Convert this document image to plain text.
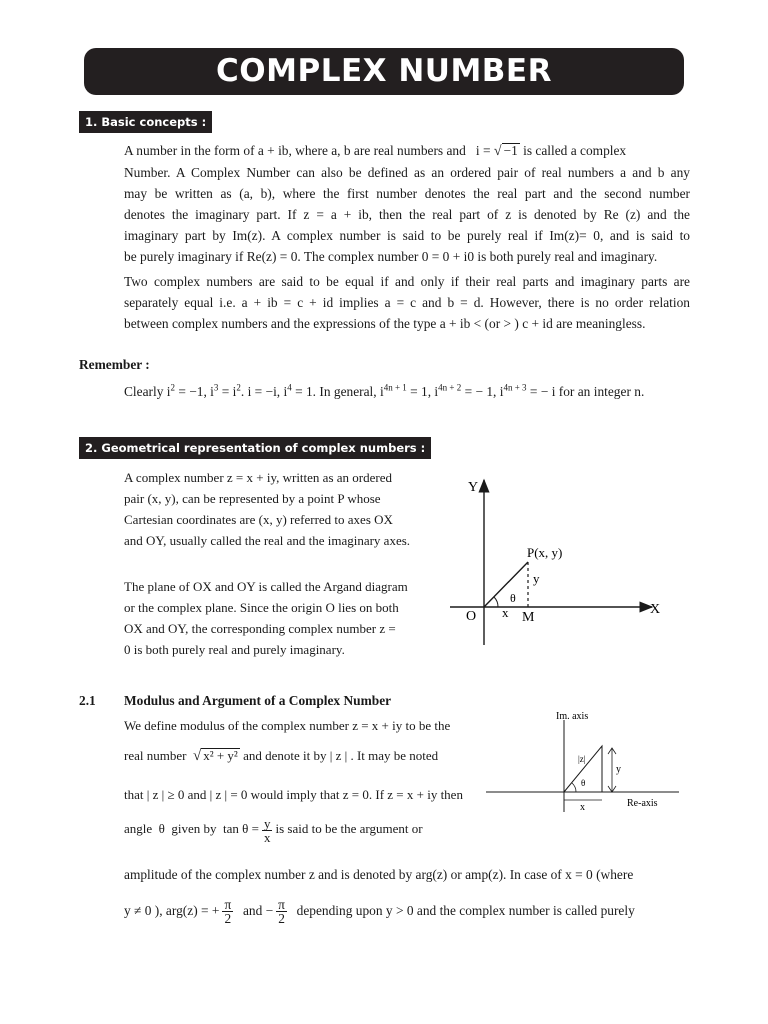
COMPLEX NUMBER
1. Basic concepts :
A number in the form of a + ib, where a, b are real numbers and i = √ −1 is called a complex
Number. A Complex Number can also be defined as an ordered pair of real numbers a and b any
may be written as (a, b), where the first number denotes the real part and the second number
denotes the imaginary part. If z = a + ib, then the real part of z is denoted by Re (z) and the
imaginary part by Im(z). A complex number is said to be purely real if Im(z)= 0, and is said to
be purely imaginary if Re(z) = 0. The complex number 0 = 0 + i0 is both purely real and imaginary.
Two complex numbers are said to be equal if and only if their real parts and imaginary parts are
separately equal i.e. a + ib = c + id implies a = c and b = d. However, there is no order relation
between complex numbers and the expressions of the type a + ib < (or > ) c + id are meaningless.
Remember :
Clearly $i^2 = -1$, $i^3 = i^2$. i = −i, $i^4 = 1$. In general, $i^{4n + 1} = 1$, $i^{4n + 2}$ = − 1, $i^{4n + 3}$ = − i for an integer n.
2. Geometrical representation of complex numbers :
A complex number z = x + iy, written as an ordered
pair (x, y), can be represented by a point P whose
Cartesian coordinates are (x, y) referred to axes OX
and OY, usually called the real and the imaginary axes.
The plane of OX and OY is called the Argand diagram
or the complex plane. Since the origin O lies on both
OX and OY, the corresponding complex number z =
0 is both purely real and purely imaginary.
Y
X
O
P(x, y)
y
x M
θ
2.1 Modulus and Argument of a Complex Number
We define modulus of the complex number z = x + iy to be the
real number √ x² + y² and denote it by | z | . It may be noted
that | z | ≥ 0 and | z | = 0 would imply that z = 0. If z = x + iy then
angle θ given by $\tan \theta = \frac{y}{x}$ is said to be the argument or
amplitude of the complex number z and is denoted by arg(z) or amp(z). In case of x = 0 (where
y ≠ 0 ), arg(z) = + $\frac{\pi}{2}$ and − $\frac{\pi}{2}$ depending upon y > 0 and the complex number is called purely
Im. axis
Re-axis
|z|
y
x
θ
